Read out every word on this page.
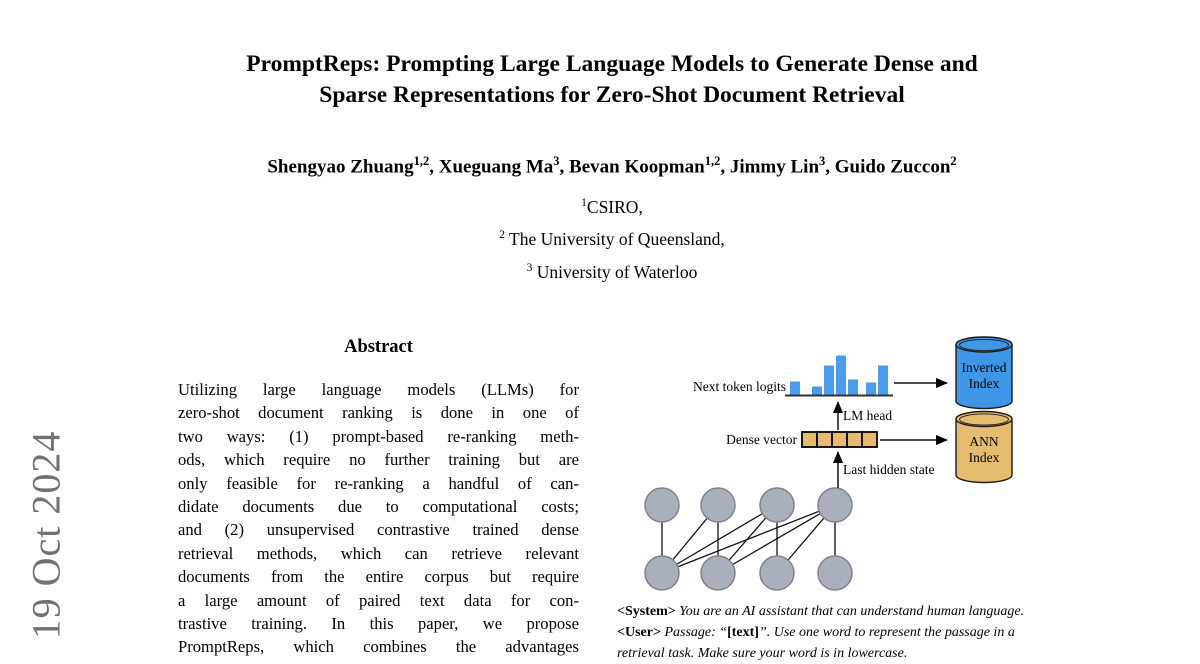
19 Oct 2024
PromptReps: Prompting Large Language Models to Generate Dense and
Sparse Representations for Zero-Shot Document Retrieval
Shengyao Zhuang$^{1,2}$, Xueguang Ma$^3$, Bevan Koopman$^{1,2}$, Jimmy Lin$^3$, Guido Zuccon$^2$
$^1$CSIRO,
$^2$ The University of Queensland,
$^3$ University of Waterloo
Abstract
Utilizing large language models (LLMs) for
zero-shot document ranking is done in one of
two ways: (1) prompt-based re-ranking meth-
ods, which require no further training but are
only feasible for re-ranking a handful of can-
didate documents due to computational costs;
and (2) unsupervised contrastive trained dense
retrieval methods, which can retrieve relevant
documents from the entire corpus but require
a large amount of paired text data for con-
trastive training. In this paper, we propose
PromptReps, which combines the advantages
Inverted
Index
ANN
Index
Next token logits
LM head
Dense vector
Last hidden state
<System> You are an AI assistant that can understand human language.
<User> Passage: “[text]”. Use one word to represent the passage in a
retrieval task. Make sure your word is in lowercase.
